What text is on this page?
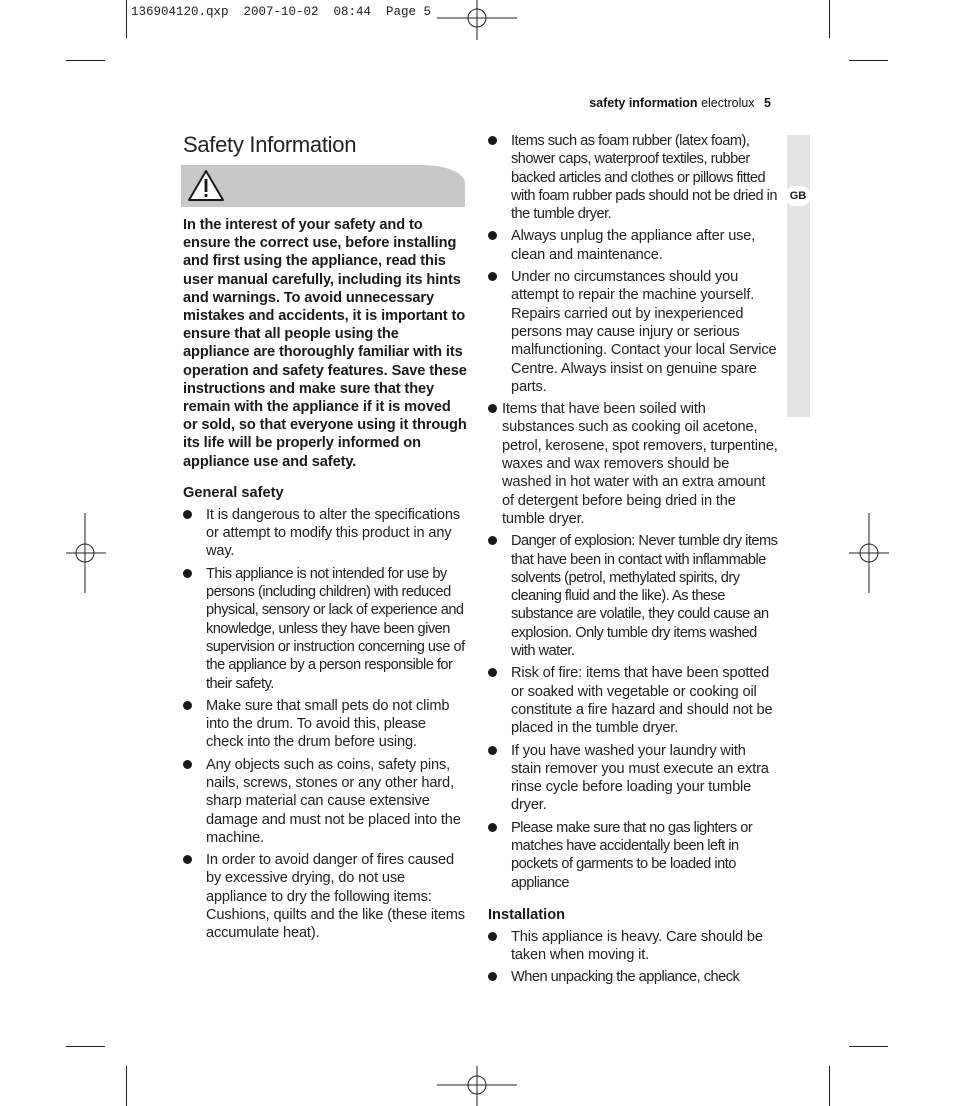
136904120.qxp  2007-10-02  08:44  Page 5
safety information electrolux 5
GB
Safety Information

In the interest of your safety and to ensure the correct use, before installing and first using the appliance, read this user manual carefully, including its hints and warnings. To avoid unnecessary mistakes and accidents, it is important to ensure that all people using the appliance are thoroughly familiar with its operation and safety features. Save these instructions and make sure that they remain with the appliance if it is moved or sold, so that everyone using it through its life will be properly informed on appliance use and safety.

General safety
It is dangerous to alter the specifications or attempt to modify this product in any way.
This appliance is not intended for use by persons (including children) with reduced physical, sensory or lack of experience and knowledge, unless they have been given supervision or instruction concerning use of the appliance by a person responsible for their safety.
Make sure that small pets do not climb into the drum. To avoid this, please check into the drum before using.
Any objects such as coins, safety pins, nails, screws, stones or any other hard, sharp material can cause extensive damage and must not be placed into the machine.
In order to avoid danger of fires caused by excessive drying, do not use appliance to dry the following items: Cushions, quilts and the like (these items accumulate heat).
Items such as foam rubber (latex foam), shower caps, waterproof textiles, rubber backed articles and clothes or pillows fitted with foam rubber pads should not be dried in the tumble dryer.
Always unplug the appliance after use, clean and maintenance.
Under no circumstances should you attempt to repair the machine yourself. Repairs carried out by inexperienced persons may cause injury or serious malfunctioning. Contact your local Service Centre. Always insist on genuine spare parts.
Items that have been soiled with substances such as cooking oil acetone, petrol, kerosene, spot removers, turpentine, waxes and wax removers should be washed in hot water with an extra amount of detergent before being dried in the tumble dryer.
Danger of explosion: Never tumble dry items that have been in contact with inflammable solvents (petrol, methylated spirits, dry cleaning fluid and the like). As these substance are volatile, they could cause an explosion. Only tumble dry items washed with water.
Risk of fire: items that have been spotted or soaked with vegetable or cooking oil constitute a fire hazard and should not be placed in the tumble dryer.
If you have washed your laundry with stain remover you must execute an extra rinse cycle before loading your tumble dryer.
Please make sure that no gas lighters or matches have accidentally been left in pockets of garments to be loaded into appliance
Installation
This appliance is heavy. Care should be taken when moving it.
When unpacking the appliance, check
